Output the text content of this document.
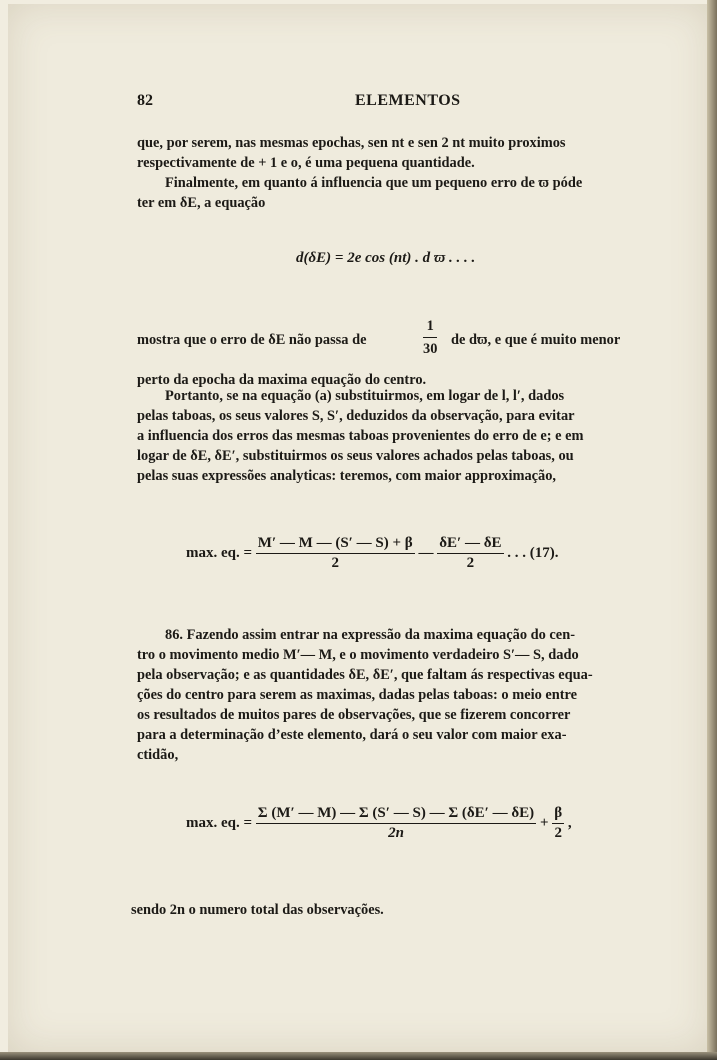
82	ELEMENTOS

que, por serem, nas mesmas epochas, sen nt e sen 2 nt muito proximos

respectivamente de + 1 e o, é uma pequena quantidade.

Finalmente, em quanto á influencia que um pequeno erro de ϖ póde

ter em δE, a equação

d(δE) = 2e cos (nt) . d ϖ . . . .
mostra que o erro de δE não passa de	$\frac{1}{30}$ de dϖ, e que é muito menor

perto da epocha da maxima equação do centro.

Portanto, se na equação (a) substituirmos, em logar de l, l′, dados

pelas taboas, os seus valores S, S′, deduzidos da observação, para evitar

a influencia dos erros das mesmas taboas provenientes do erro de e; e em

logar de δE, δE′, substituirmos os seus valores achados pelas taboas, ou

pelas suas expressões analyticas: teremos, com maior approximação,

max. eq. = $\frac{M' — M — (S' — S) + \beta}{2}$ — $\frac{\delta E' — \delta E}{2}$ . . . (17).

86. Fazendo assim entrar na expressão da maxima equação do cen-

tro o movimento medio M′— M, e o movimento verdadeiro S′— S, dado

pela observação; e as quantidades δE, δE′, que faltam ás respectivas equa-

ções do centro para serem as maximas, dadas pelas taboas: o meio entre

os resultados de muitos pares de observações, que se fizerem concorrer

para a determinação d’este elemento, dará o seu valor com maior exa-

ctidão,

max. eq. = $\frac{\Sigma (M' — M) — \Sigma (S' — S) — \Sigma (\delta E' — \delta E)}{2n} + \frac{\beta}{2}$ ,

sendo 2n o numero total das observações.
